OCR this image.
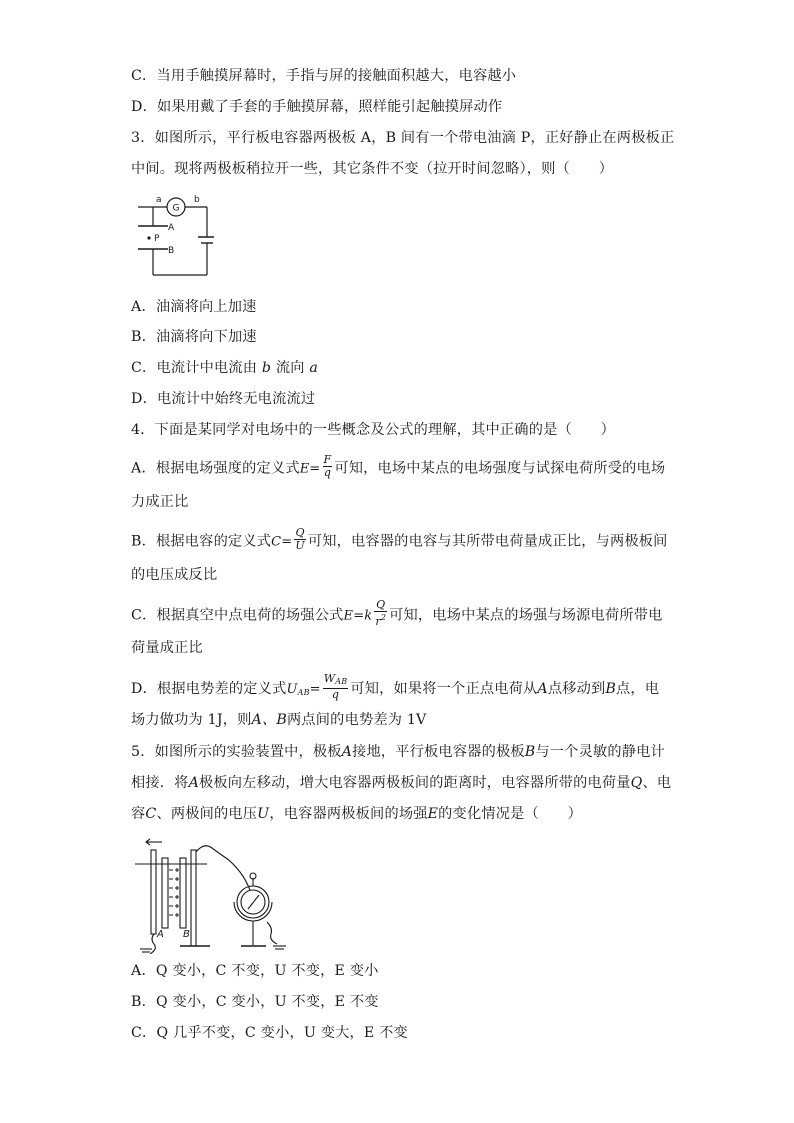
C．当用手触摸屏幕时，手指与屏的接触面积越大，电容越小
D．如果用戴了手套的手触摸屏幕，照样能引起触摸屏动作
3．如图所示，平行板电容器两极板 A，B 间有一个带电油滴 P，正好静止在两极板正
中间。现将两极板稍拉开一些，其它条件不变（拉开时间忽略），则（　　）
a
G
b
A
P
B
A．油滴将向上加速
B．油滴将向下加速
C．电流计中电流由 b 流向 a
D．电流计中始终无电流流过
4．下面是某同学对电场中的一些概念及公式的理解，其中正确的是（　　）
A．根据电场强度的定义式$E= \frac{F}{q}$ 可知，电场中某点的电场强度与试探电荷所受的电场
力成正比
B．根据电容的定义式$C= \frac{Q}{U}$ 可知，电容器的电容与其所带电荷量成正比，与两极板间
的电压成反比
C．根据真空中点电荷的场强公式$E=k \frac{Q}{r^2}$ 可知，电场中某点的场强与场源电荷所带电
荷量成正比
D．根据电势差的定义式$U_{AB}= \frac{W_{AB}}{q}$ 可知，如果将一个正点电荷从A点移动到B点，电
场力做功为 1J，则A、B两点间的电势差为 1V
5．如图所示的实验装置中，极板A接地，平行板电容器的极板B与一个灵敏的静电计
相接．将A极板向左移动，增大电容器两极板间的距离时，电容器所带的电荷量Q、电
容C、两极间的电压U，电容器两极板间的场强E的变化情况是（　　）
A B
A．Q 变小，C 不变，U 不变，E 变小
B．Q 变小，C 变小，U 不变，E 不变
C．Q 几乎不变，C 变小，U 变大，E 不变
